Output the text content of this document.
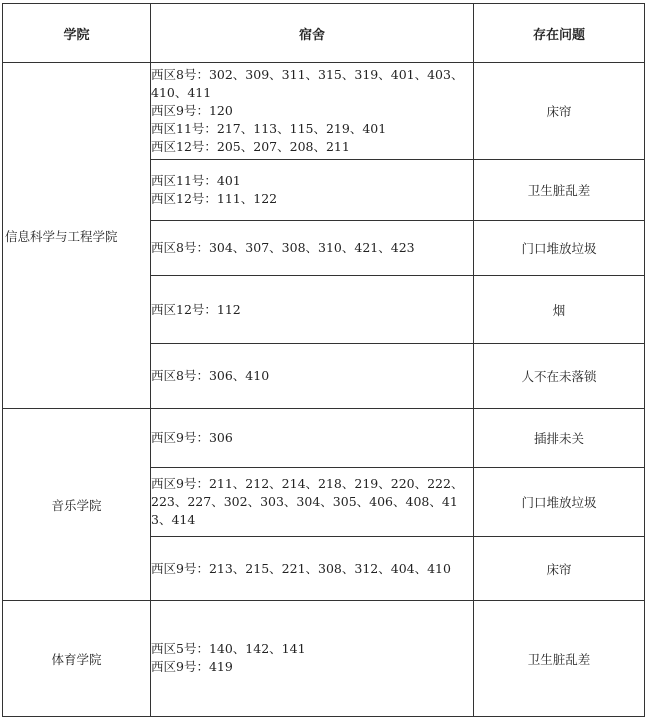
学院	宿舍	存在问题
信息科学与工程学院	西区8号：302、309、311、315、319、401、403、410、411
西区9号：120
西区11号：217、113、115、219、401
西区12号：205、207、208、211	床帘

	西区11号：401
西区12号：111、122	卫生脏乱差

	西区8号：304、307、308、310、421、423	门口堆放垃圾

	西区12号：112	烟

	西区8号：306、410	人不在未落锁
音乐学院	西区9号：306	插排未关

	西区9号：211、212、214、218、219、220、222、223、227、302、303、304、305、406、408、413、414	门口堆放垃圾

	西区9号：213、215、221、308、312、404、410	床帘
体育学院	西区5号：140、142、141
西区9号：419	卫生脏乱差
